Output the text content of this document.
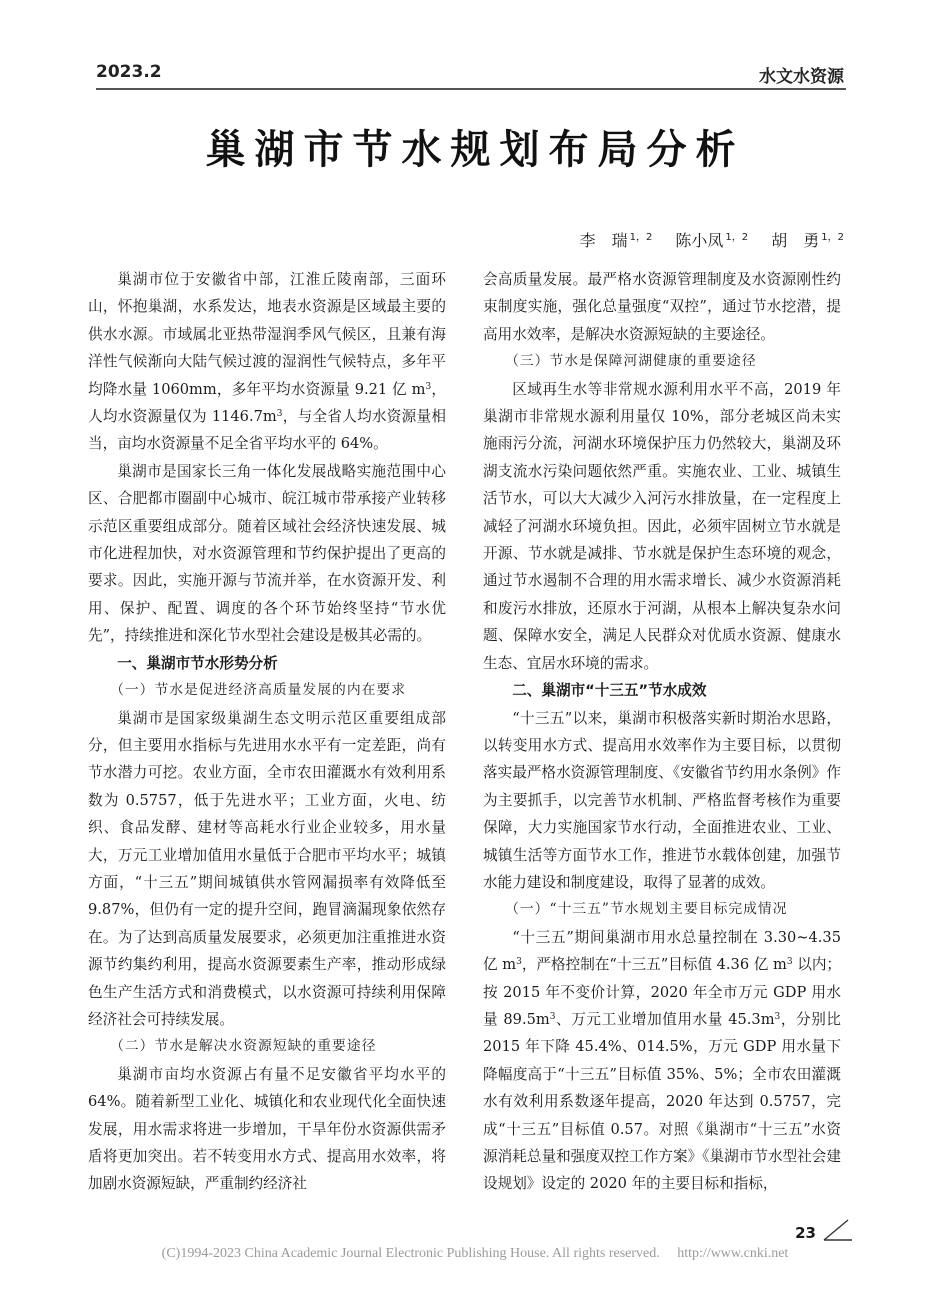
2023.2	水文水资源
巢湖市节水规划布局分析
李　瑞 $^{1,2}$ 陈小凤 $^{1,2}$ 胡　勇 $^{1,2}$

巢湖市位于安徽省中部，江淮丘陵南部，三面环山，怀抱巢湖，水系发达，地表水资源是区域最主要的供水水源。市域属北亚热带湿润季风气候区，且兼有海洋性气候渐向大陆气候过渡的湿润性气候特点，多年平均降水量 1060mm，多年平均水资源量 9.21 亿 $m^3$，人均水资源量仅为 $1146.7m^3$，与全省人均水资源量相当，亩均水资源量不足全省平均水平的 64%。

巢湖市是国家长三角一体化发展战略实施范围中心区、合肥都市圈副中心城市、皖江城市带承接产业转移示范区重要组成部分。随着区域社会经济快速发展、城市化进程加快，对水资源管理和节约保护提出了更高的要求。因此，实施开源与节流并举，在水资源开发、利用、保护、配置、调度的各个环节始终坚持“节水优先”，持续推进和深化节水型社会建设是极其必需的。

一、巢湖市节水形势分析
（一）节水是促进经济高质量发展的内在要求

巢湖市是国家级巢湖生态文明示范区重要组成部分，但主要用水指标与先进用水水平有一定差距，尚有节水潜力可挖。农业方面，全市农田灌溉水有效利用系数为 0.5757，低于先进水平；工业方面，火电、纺织、食品发酵、建材等高耗水行业企业较多，用水量大，万元工业增加值用水量低于合肥市平均水平；城镇方面，“十三五”期间城镇供水管网漏损率有效降低至 9.87%，但仍有一定的提升空间，跑冒滴漏现象依然存在。为了达到高质量发展要求，必须更加注重推进水资源节约集约利用，提高水资源要素生产率，推动形成绿色生产生活方式和消费模式，以水资源可持续利用保障经济社会可持续发展。

（二）节水是解决水资源短缺的重要途径

巢湖市亩均水资源占有量不足安徽省平均水平的 64%。随着新型工业化、城镇化和农业现代化全面快速发展，用水需求将进一步增加，干旱年份水资源供需矛盾将更加突出。若不转变用水方式、提高用水效率，将加剧水资源短缺，严重制约经济社

会高质量发展。最严格水资源管理制度及水资源刚性约束制度实施，强化总量强度“双控”，通过节水挖潜，提高用水效率，是解决水资源短缺的主要途径。

（三）节水是保障河湖健康的重要途径

区域再生水等非常规水源利用水平不高，2019 年巢湖市非常规水源利用量仅 10%，部分老城区尚未实施雨污分流，河湖水环境保护压力仍然较大，巢湖及环湖支流水污染问题依然严重。实施农业、工业、城镇生活节水，可以大大减少入河污水排放量，在一定程度上减轻了河湖水环境负担。因此，必须牢固树立节水就是开源、节水就是减排、节水就是保护生态环境的观念，通过节水遏制不合理的用水需求增长、减少水资源消耗和废污水排放，还原水于河湖，从根本上解决复杂水问题、保障水安全，满足人民群众对优质水资源、健康水生态、宜居水环境的需求。

二、巢湖市“十三五”节水成效

“十三五”以来，巢湖市积极落实新时期治水思路，以转变用水方式、提高用水效率作为主要目标，以贯彻落实最严格水资源管理制度、《安徽省节约用水条例》作为主要抓手，以完善节水机制、严格监督考核作为重要保障，大力实施国家节水行动，全面推进农业、工业、城镇生活等方面节水工作，推进节水载体创建，加强节水能力建设和制度建设，取得了显著的成效。

（一）“十三五”节水规划主要目标完成情况

“十三五”期间巢湖市用水总量控制在 3.30~4.35 亿 $m^3$，严格控制在“十三五”目标值 4.36 亿 $m^3$ 以内；按 2015 年不变价计算，2020 年全市万元 GDP 用水量 $89.5m^3$、万元工业增加值用水量 $45.3m^3$，分别比 2015 年下降 45.4%、014.5%，万元 GDP 用水量下降幅度高于“十三五”目标值 35%、5%；全市农田灌溉水有效利用系数逐年提高，2020 年达到 0.5757，完成“十三五”目标值 0.57。对照《巢湖市“十三五”水资源消耗总量和强度双控工作方案》《巢湖市节水型社会建设规划》设定的 2020 年的主要目标和指标，

23
(C)1994-2023 China Academic Journal Electronic Publishing House. All rights reserved.　 http://www.cnki.net
